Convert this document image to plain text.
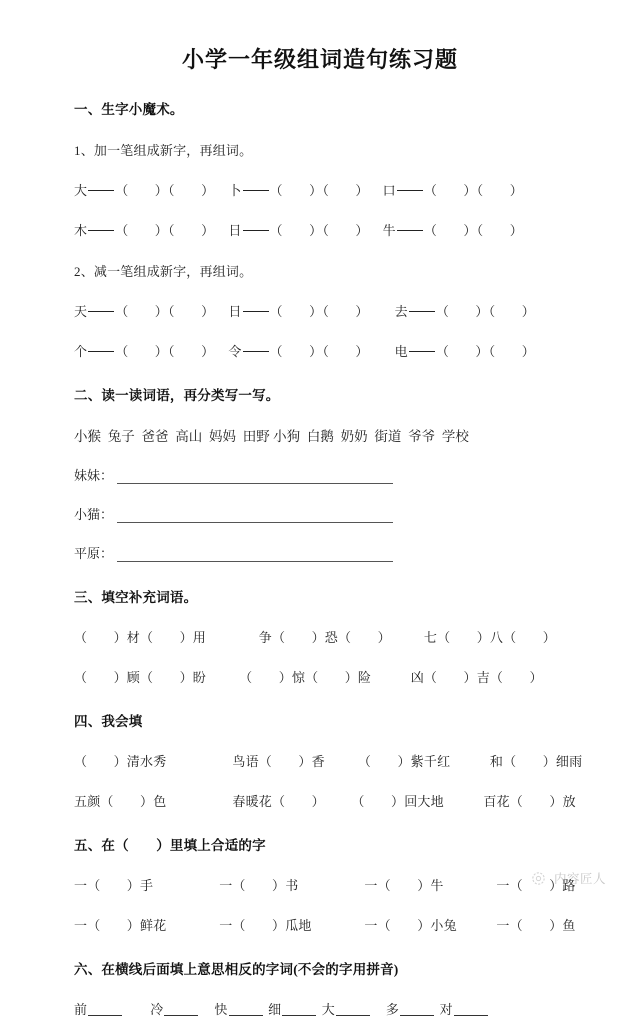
小学一年级组词造句练习题
一、生字小魔术。
1、加一笔组成新字，再组词。
大 （　　）（　　） 卜 （　　）（　　） 口 （　　）（　　）
木 （　　）（　　） 日 （　　）（　　） 牛 （　　）（　　）
2、减一笔组成新字，再组词。
天 （　　）（　　） 日 （　　）（　　） 去 （　　）（　　）
个 （　　）（　　） 令 （　　）（　　） 电 （　　）（　　）
二、读一读词语，再分类写一写。
小猴 兔子 爸爸 高山 妈妈 田野 小狗 白鹅 奶奶 街道 爷爷 学校
妹妹：
小猫：
平原：
三、填空补充词语。
（　　）材（　　）用　　　　争（　　）恐（　　）　　　七（　　）八（　　）
（　　）顾（　　）盼　　　（　　）惊（　　）险　　　凶（　　）吉（　　）
四、我会填
（　　）清水秀　　　　　鸟语（　　）香　　　（　　）紫千红　　　和（　　）细雨
五颜（　　）色　　　　　春暖花（　　）　　　（　　）回大地　　　百花（　　）放
五、在（　　）里填上合适的字
一（　　）手　　　　　一（　　）书　　　　　一（　　）牛　　　　一（　　）路
一（　　）鲜花　　　　一（　　）瓜地　　　　一（　　）小兔　　　一（　　）鱼
六、在横线后面填上意思相反的字词(不会的字用拼音)
前	冷	快	细	大	多	对
内容匠人
